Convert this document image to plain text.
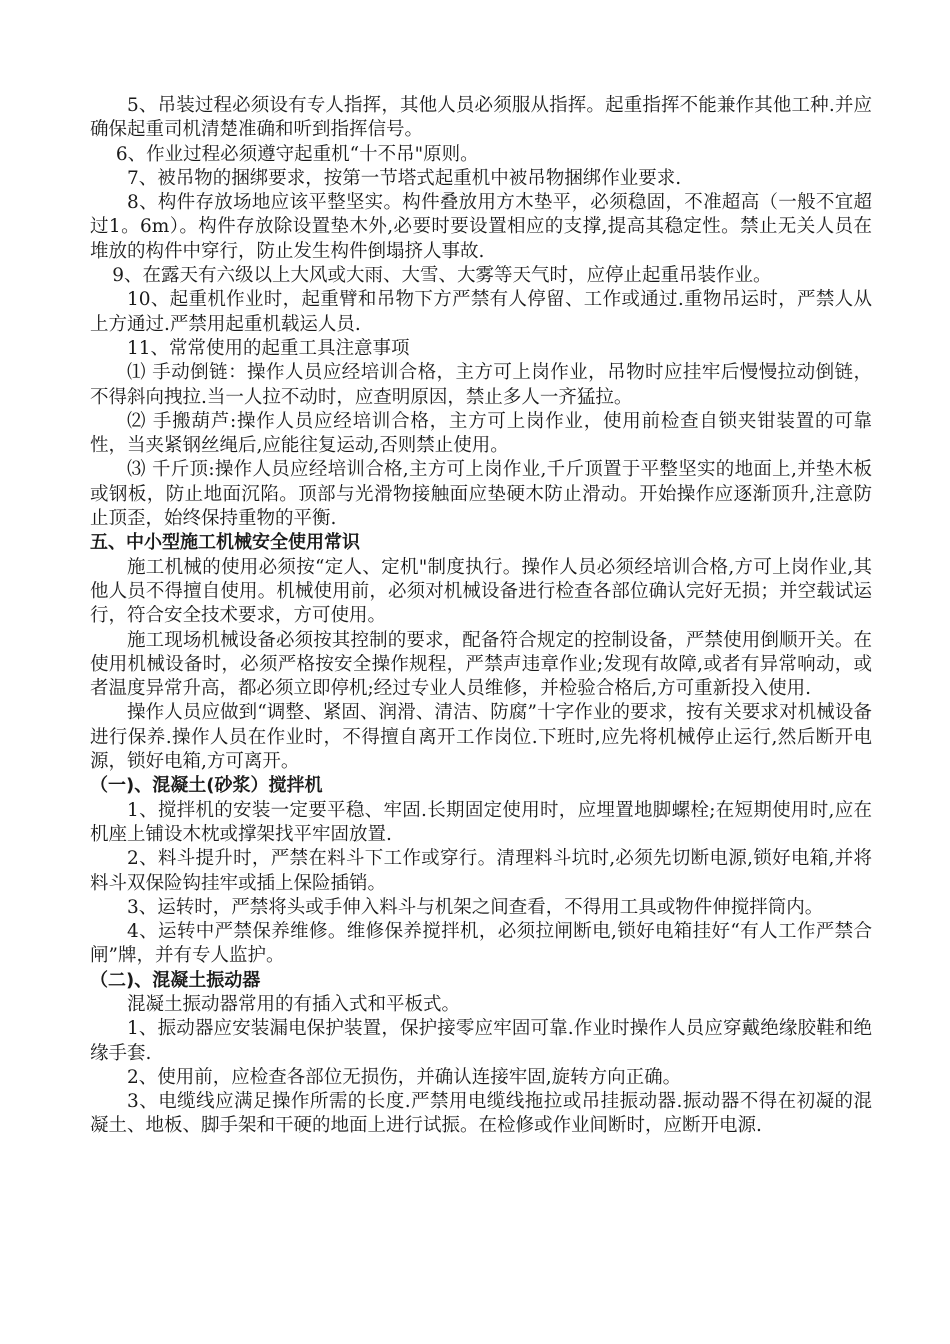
5、吊装过程必须设有专人指挥，其他人员必须服从指挥。起重指挥不能兼作其他工种.并应确保起重司机清楚准确和听到指挥信号。

6、作业过程必须遵守起重机“十不吊"原则。

7、被吊物的捆绑要求，按第一节塔式起重机中被吊物捆绑作业要求.

8、构件存放场地应该平整坚实。构件叠放用方木垫平，必须稳固，不准超高（一般不宜超过1。6m）。构件存放除设置垫木外,必要时要设置相应的支撑,提高其稳定性。禁止无关人员在堆放的构件中穿行，防止发生构件倒塌挤人事故.

9、在露天有六级以上大风或大雨、大雪、大雾等天气时，应停止起重吊装作业。

10、起重机作业时，起重臂和吊物下方严禁有人停留、工作或通过.重物吊运时，严禁人从上方通过.严禁用起重机载运人员.

11、常常使用的起重工具注意事项

⑴ 手动倒链：操作人员应经培训合格，主方可上岗作业，吊物时应挂牢后慢慢拉动倒链，不得斜向拽拉.当一人拉不动时，应查明原因，禁止多人一齐猛拉。

⑵ 手搬葫芦:操作人员应经培训合格，主方可上岗作业，使用前检查自锁夹钳装置的可靠性，当夹紧钢丝绳后,应能往复运动,否则禁止使用。

⑶ 千斤顶:操作人员应经培训合格,主方可上岗作业,千斤顶置于平整坚实的地面上,并垫木板或钢板，防止地面沉陷。顶部与光滑物接触面应垫硬木防止滑动。开始操作应逐渐顶升,注意防止顶歪，始终保持重物的平衡.

五、中小型施工机械安全使用常识

施工机械的使用必须按“定人、定机"制度执行。操作人员必须经培训合格,方可上岗作业,其他人员不得擅自使用。机械使用前，必须对机械设备进行检查各部位确认完好无损；并空载试运行，符合安全技术要求，方可使用。

施工现场机械设备必须按其控制的要求，配备符合规定的控制设备，严禁使用倒顺开关。在使用机械设备时，必须严格按安全操作规程，严禁声违章作业;发现有故障,或者有异常响动，或者温度异常升高，都必须立即停机;经过专业人员维修，并检验合格后,方可重新投入使用.

操作人员应做到“调整、紧固、润滑、清洁、防腐”十字作业的要求，按有关要求对机械设备进行保养.操作人员在作业时，不得擅自离开工作岗位.下班时,应先将机械停止运行,然后断开电源，锁好电箱,方可离开。

（一)、混凝土(砂浆）搅拌机

1、搅拌机的安装一定要平稳、牢固.长期固定使用时，应埋置地脚螺栓;在短期使用时,应在机座上铺设木枕或撑架找平牢固放置.

2、料斗提升时，严禁在料斗下工作或穿行。清理料斗坑时,必须先切断电源,锁好电箱,并将料斗双保险钩挂牢或插上保险插销。

3、运转时，严禁将头或手伸入料斗与机架之间查看，不得用工具或物件伸搅拌筒内。

4、运转中严禁保养维修。维修保养搅拌机，必须拉闸断电,锁好电箱挂好“有人工作严禁合闸”牌，并有专人监护。

（二)、混凝土振动器

混凝土振动器常用的有插入式和平板式。

1、振动器应安装漏电保护装置，保护接零应牢固可靠.作业时操作人员应穿戴绝缘胶鞋和绝缘手套.

2、使用前，应检查各部位无损伤，并确认连接牢固,旋转方向正确。

3、电缆线应满足操作所需的长度.严禁用电缆线拖拉或吊挂振动器.振动器不得在初凝的混凝土、地板、脚手架和干硬的地面上进行试振。在检修或作业间断时，应断开电源.
